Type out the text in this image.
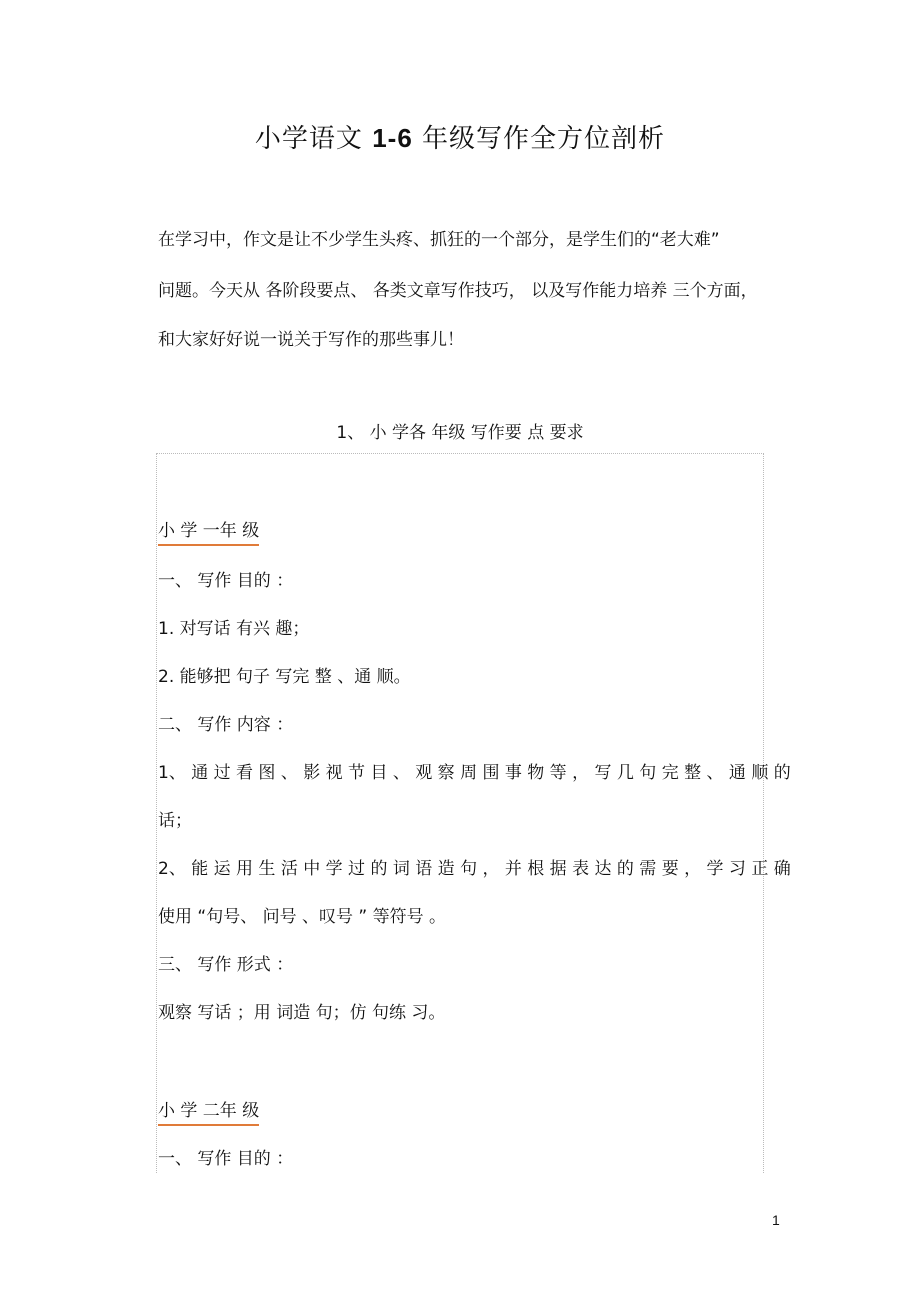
小学语文 1-6 年级写作全方位剖析
在学习中，作文是让不少学生头疼、抓狂的一个部分，是学生们的“老大难”
问题。今天从 各阶段要点、 各类文章写作技巧， 以及写作能力培养 三个方面，
和大家好好说一说关于写作的那些事儿！
1、 小 学各 年级 写作要 点 要求
小 学 一年 级
一、 写作 目的 ：
1. 对写话 有兴 趣；
2. 能够把 句子 写完 整 、通 顺。
二、 写作 内容 ：
1、 通 过 看 图 、 影 视 节 目 、 观 察 周 围 事 物 等 ， 写 几 句 完 整 、 通 顺 的
话；
2、 能 运 用 生 活 中 学 过 的 词 语 造 句 ， 并 根 据 表 达 的 需 要 ， 学 习 正 确
使用 “句号、 问号 、叹号 ” 等符号 。
三、 写作 形式 ：
观察 写话 ；用 词造 句；仿 句练 习。
小 学 二年 级
一、 写作 目的 ：
1
